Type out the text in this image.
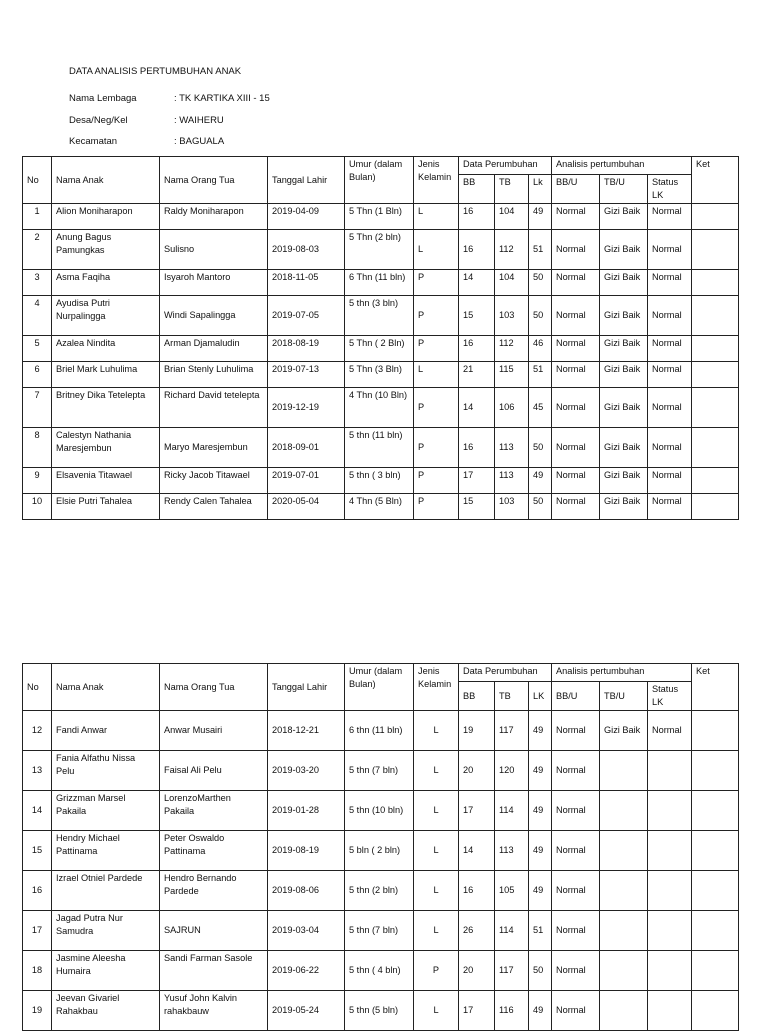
DATA ANALISIS PERTUMBUHAN ANAK
Nama Lembaga	: TK KARTIKA XIII - 15
Desa/Neg/Kel	: WAIHERU
Kecamatan	: BAGUALA
No	Nama Anak	Nama Orang Tua	Tanggal Lahir	Umur (dalam Bulan)	Jenis Kelamin	Data Perumbuhan			Analisis pertumbuhan			Ket
						BB	TB	Lk	BB/U	TB/U	Status LK	
1	Alion Moniharapon	Raldy Moniharapon	2019-04-09	5 Thn (1 Bln)	L	16	104	49	Normal	Gizi Baik	Normal	
2	Anung Bagus Pamungkas	Sulisno	2019-08-03	5 Thn (2 bln)	L	16	112	51	Normal	Gizi Baik	Normal	
3	Asma Faqiha	Isyaroh Mantoro	2018-11-05	6 Thn (11 bln)	P	14	104	50	Normal	Gizi Baik	Normal	
4	Ayudisa Putri Nurpalingga	Windi Sapalingga	2019-07-05	5 thn (3 bln)	P	15	103	50	Normal	Gizi Baik	Normal	
5	Azalea Nindita	Arman Djamaludin	2018-08-19	5 Thn ( 2 Bln)	P	16	112	46	Normal	Gizi Baik	Normal	
6	Briel Mark Luhulima	Brian Stenly Luhulima	2019-07-13	5 Thn (3 Bln)	L	21	115	51	Normal	Gizi Baik	Normal	
7	Britney Dika Tetelepta	Richard David tetelepta	2019-12-19	4 Thn (10 Bln)	P	14	106	45	Normal	Gizi Baik	Normal	
8	Calestyn Nathania Maresjembun	Maryo Maresjembun	2018-09-01	5 thn (11 bln)	P	16	113	50	Normal	Gizi Baik	Normal	
9	Elsavenia Titawael	Ricky Jacob Titawael	2019-07-01	5 thn ( 3 bln)	P	17	113	49	Normal	Gizi Baik	Normal	
10	Elsie Putri Tahalea	Rendy Calen Tahalea	2020-05-04	4 Thn (5 Bln)	P	15	103	50	Normal	Gizi Baik	Normal	
No	Nama Anak	Nama Orang Tua	Tanggal Lahir	Umur (dalam Bulan)	Jenis Kelamin	Data Perumbuhan			Analisis pertumbuhan			Ket
						BB	TB	LK	BB/U	TB/U	Status LK	
12	Fandi Anwar	Anwar Musairi	2018-12-21	6 thn (11 bln)	L	19	117	49	Normal	Gizi Baik	Normal	
13	Fania Alfathu Nissa Pelu	Faisal Ali Pelu	2019-03-20	5 thn (7 bln)	L	20	120	49	Normal			
14	Grizzman Marsel Pakaila	LorenzoMarthen Pakaila	2019-01-28	5 thn (10 bln)	L	17	114	49	Normal			
15	Hendry Michael Pattinama	Peter Oswaldo Pattinama	2019-08-19	5 bln ( 2 bln)	L	14	113	49	Normal			
16	Izrael Otniel Pardede	Hendro Bernando Pardede	2019-08-06	5 thn (2 bln)	L	16	105	49	Normal			
17	Jagad Putra Nur Samudra	SAJRUN	2019-03-04	5 thn (7 bln)	L	26	114	51	Normal			
18	Jasmine Aleesha Humaira	Sandi Farman Sasole	2019-06-22	5 thn ( 4 bln)	P	20	117	50	Normal			
19	Jeevan Givariel Rahakbau	Yusuf John Kalvin rahakbauw	2019-05-24	5 thn (5 bln)	L	17	116	49	Normal			
